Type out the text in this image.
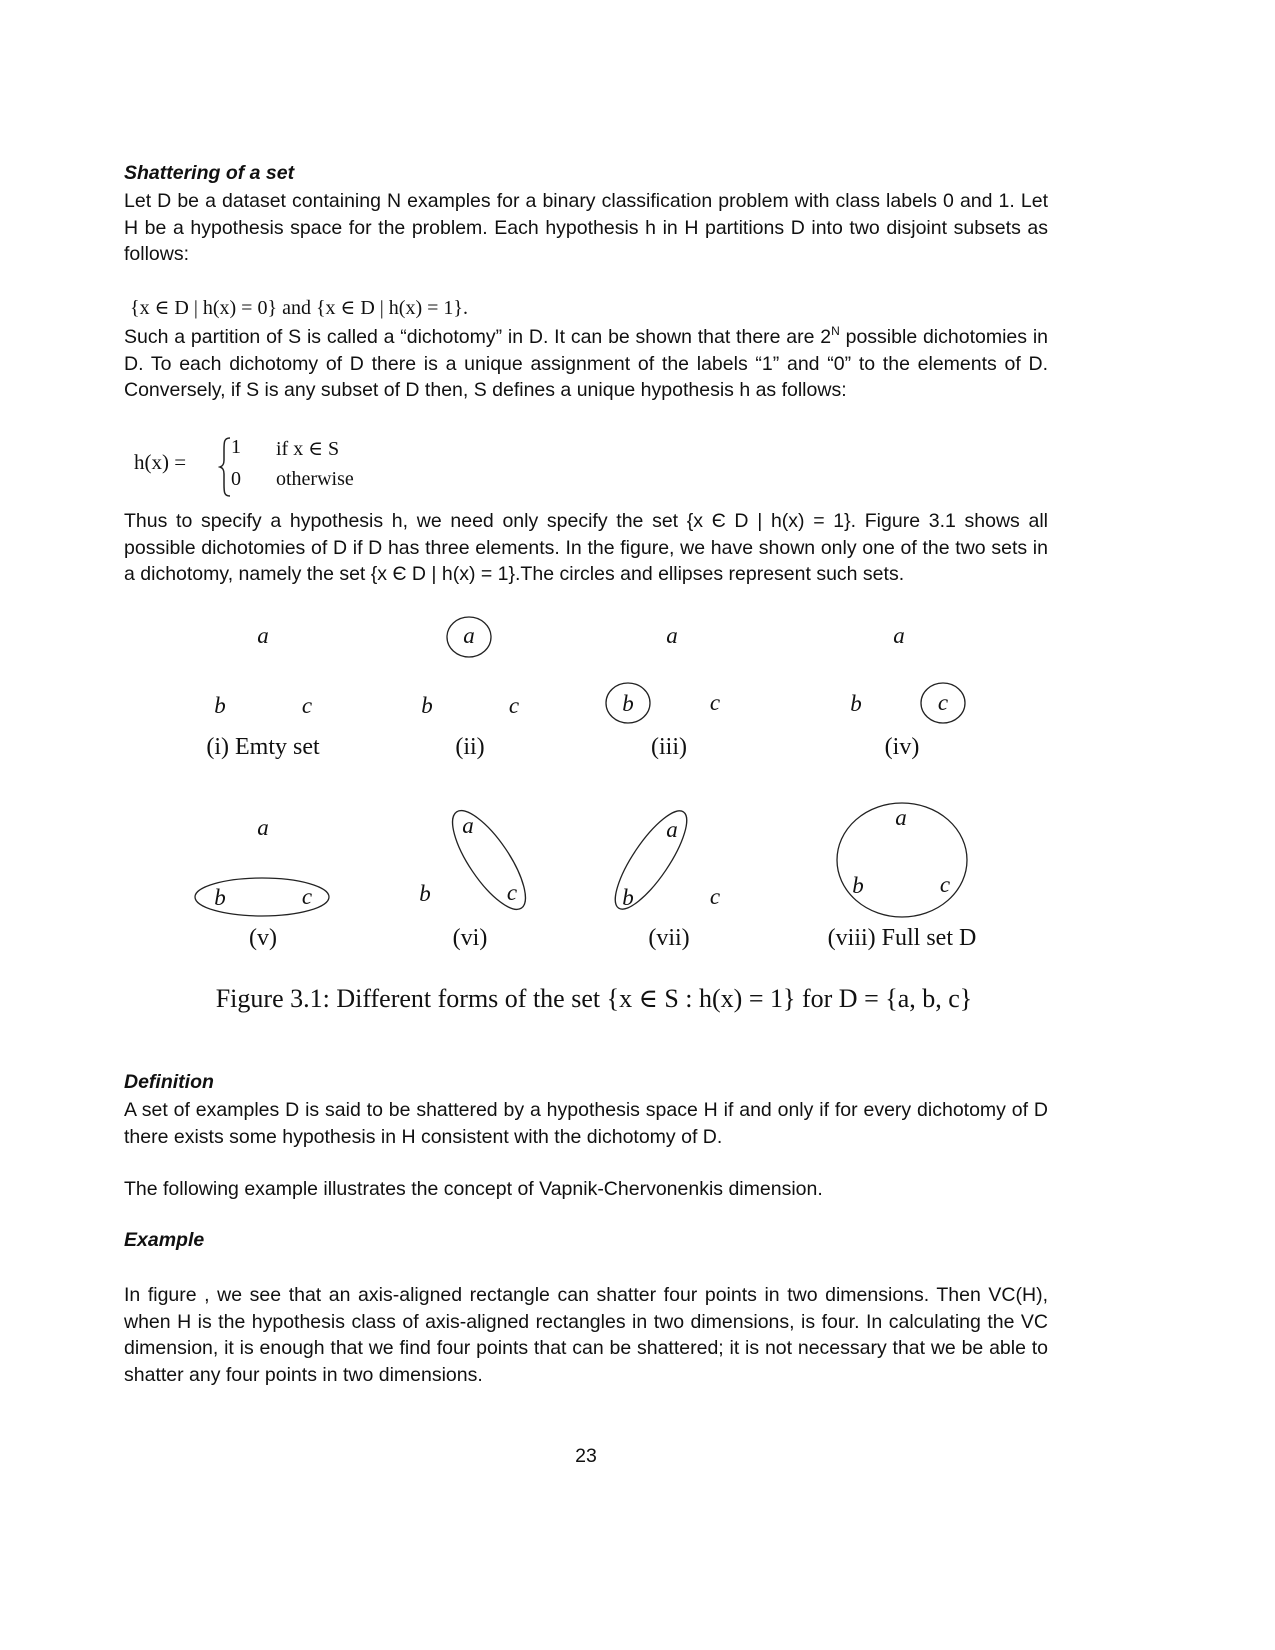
Shattering of a set
Let D be a dataset containing N examples for a binary classification problem with class labels 0 and 1. Let H be a hypothesis space for the problem. Each hypothesis h in H partitions D into two disjoint subsets as follows:
{x ∈ D | h(x) = 0} and {x ∈ D | h(x) = 1}.
Such a partition of S is called a “dichotomy” in D. It can be shown that there are $2^N$ possible dichotomies in D. To each dichotomy of D there is a unique assignment of the labels “1” and “0” to the elements of D. Conversely, if S is any subset of D then, S defines a unique hypothesis h as follows:
h(x) =
1 if x ∈ S
0 otherwise
Thus to specify a hypothesis h, we need only specify the set {x Є D | h(x) = 1}. Figure 3.1 shows all possible dichotomies of D if D has three elements. In the figure, we have shown only one of the two sets in a dichotomy, namely the set {x Є D | h(x) = 1}.The circles and ellipses represent such sets.
a
b	c
(i) Emty set
a
b	c
(ii)
a
b	c
(iii)
a
b	c
(iv)
a
b	c
(v)
a
b	c
(vi)
a
b	c
(vii)
a
b	c
(viii) Full set D
Figure 3.1: Different forms of the set {x ∈ S : h(x) = 1} for D = {a, b, c}
Definition
A set of examples D is said to be shattered by a hypothesis space H if and only if for every dichotomy of D there exists some hypothesis in H consistent with the dichotomy of D.
The following example illustrates the concept of Vapnik-Chervonenkis dimension.
Example
In figure , we see that an axis-aligned rectangle can shatter four points in two dimensions. Then VC(H), when H is the hypothesis class of axis-aligned rectangles in two dimensions, is four. In calculating the VC dimension, it is enough that we find four points that can be shattered; it is not necessary that we be able to shatter any four points in two dimensions.
23
